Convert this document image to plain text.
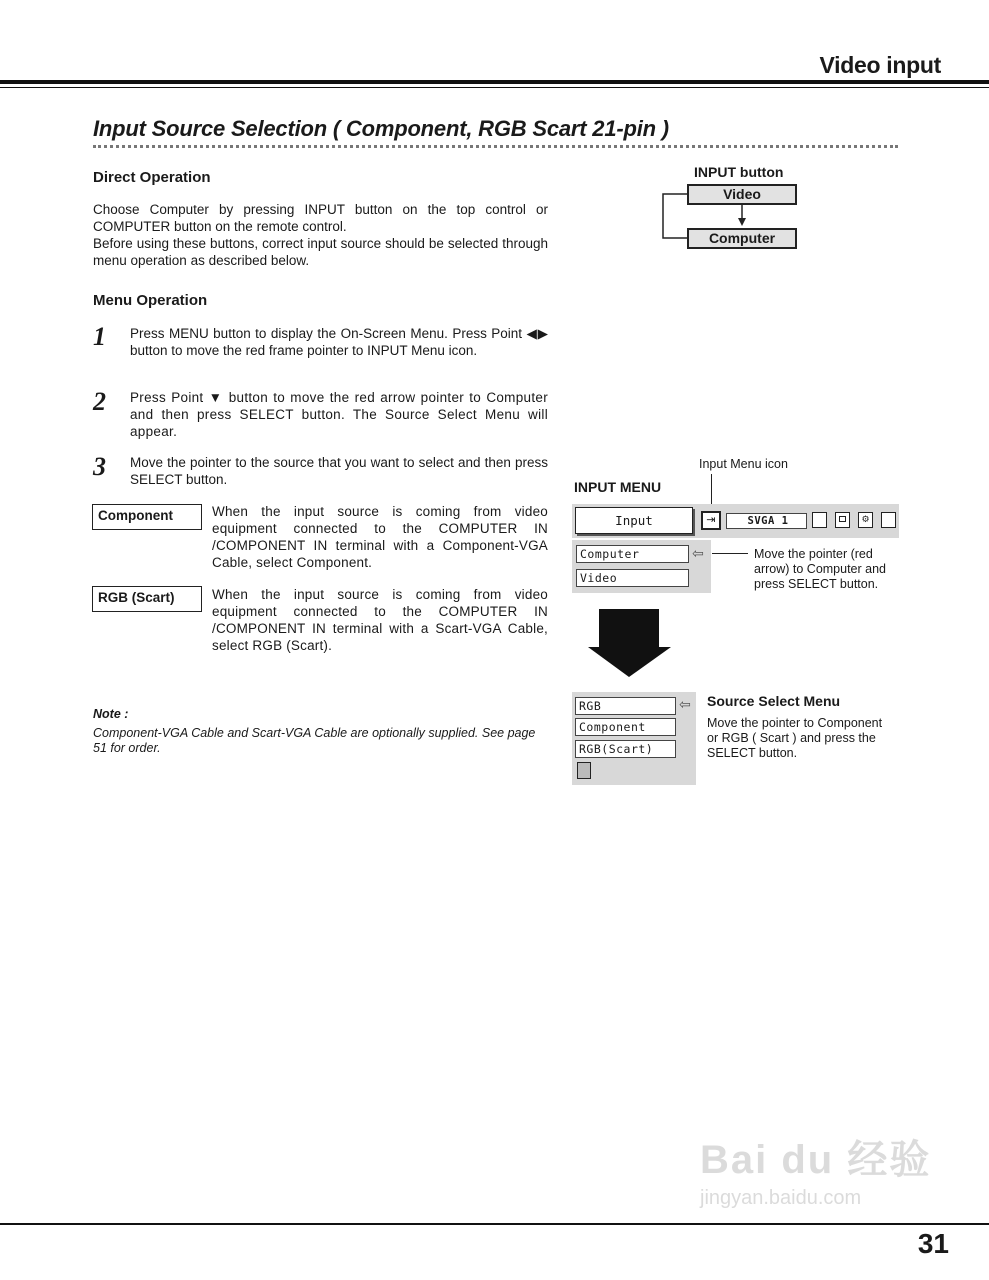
Video input
Input Source Selection ( Component, RGB Scart 21-pin )
Direct Operation
Choose Computer by pressing INPUT button on the top control or COMPUTER button on the remote control.
Before using these buttons, correct input source should be selected through menu operation as described below.
Menu Operation
1 Press MENU button to display the On-Screen Menu. Press Point ◀▶ button to move the red frame pointer to INPUT Menu icon.
2 Press Point ▼ button to move the red arrow pointer to Computer and then press SELECT button. The Source Select Menu will appear.
3 Move the pointer to the source that you want to select and then press SELECT button.
Component	When the input source is coming from video equipment connected to the COMPUTER IN /COMPONENT IN terminal with a Component-VGA Cable, select Component.
RGB (Scart)	When the input source is coming from video equipment connected to the COMPUTER IN /COMPONENT IN terminal with a Scart-VGA Cable, select RGB (Scart).
Note :
Component-VGA Cable and Scart-VGA Cable are optionally supplied. See page 51 for order.
INPUT button
Video
Computer
Input Menu icon
INPUT MENU
Input	⇥	SVGA 1	⚙
Computer
Video
⇦	Move the pointer (red arrow) to Computer and press SELECT button.
RGB
Component
RGB(Scart)
⇦ Source Select Menu
Move the pointer to Component or RGB ( Scart ) and press the SELECT button.
Bai du 经验
jingyan.baidu.com
31
